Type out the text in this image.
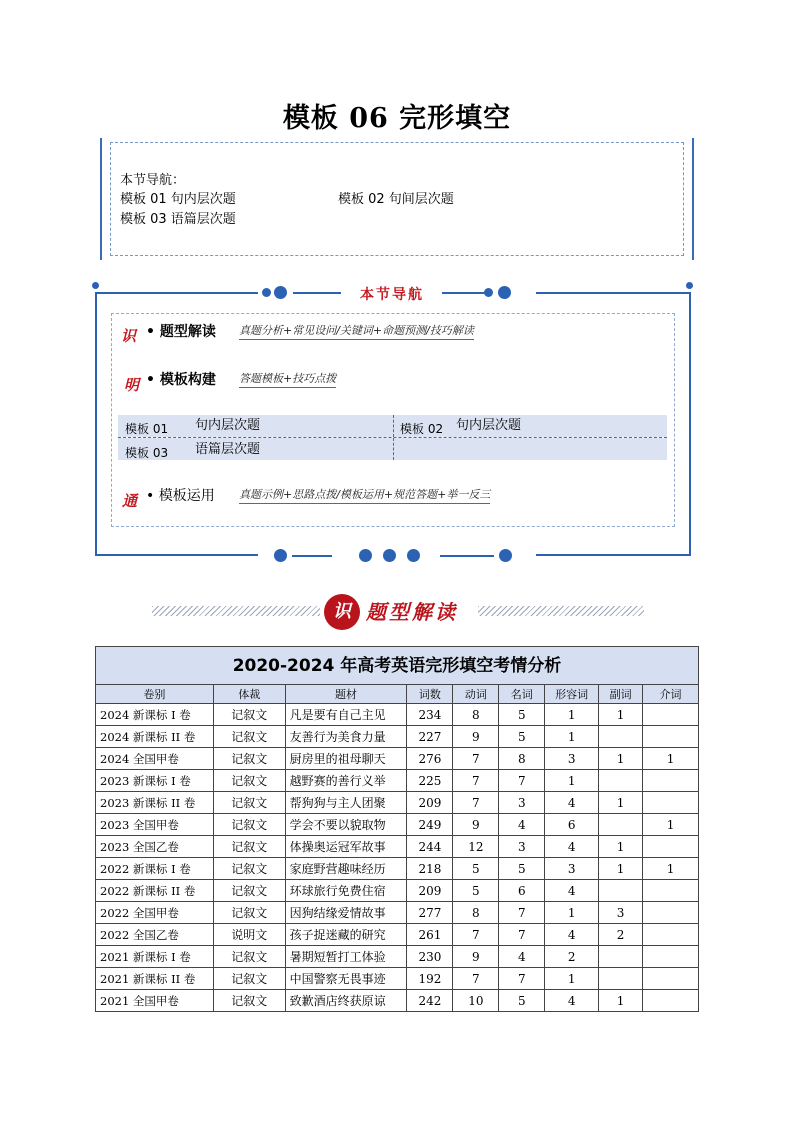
模板 06 完形填空
本节导航：
模板 01 句内层次题	模板 02 句间层次题
模板 03 语篇层次题
本节导航
识
明
通
• 题型解读 真题分析+常见设问/关键词+命题预测/技巧解读
• 模板构建 答题模板+技巧点拨
模板 01 句内层次题	模板 02 句内层次题
模板 03 语篇层次题
• 模板运用 真题示例+思路点拨/模板运用+规范答题+举一反三
识 题型解读
2020-2024 年高考英语完形填空考情分析
卷别	体裁	题材	词数	动词	名词	形容词	副词	介词
2024 新课标 I 卷	记叙文	凡是要有自己主见	234	8	5	1	1	
2024 新课标 II 卷	记叙文	友善行为美食力量	227	9	5	1		
2024 全国甲卷	记叙文	厨房里的祖母聊天	276	7	8	3	1	1
2023 新课标 I 卷	记叙文	越野赛的善行义举	225	7	7	1		
2023 新课标 II 卷	记叙文	帮狗狗与主人团聚	209	7	3	4	1	
2023 全国甲卷	记叙文	学会不要以貌取物	249	9	4	6		1
2023 全国乙卷	记叙文	体操奥运冠军故事	244	12	3	4	1	
2022 新课标 I 卷	记叙文	家庭野营趣味经历	218	5	5	3	1	1
2022 新课标 II 卷	记叙文	环球旅行免费住宿	209	5	6	4		
2022 全国甲卷	记叙文	因狗结缘爱情故事	277	8	7	1	3	
2022 全国乙卷	说明文	孩子捉迷藏的研究	261	7	7	4	2	
2021 新课标 I 卷	记叙文	暑期短暂打工体验	230	9	4	2		
2021 新课标 II 卷	记叙文	中国警察无畏事迹	192	7	7	1		
2021 全国甲卷	记叙文	致歉酒店终获原谅	242	10	5	4	1	
